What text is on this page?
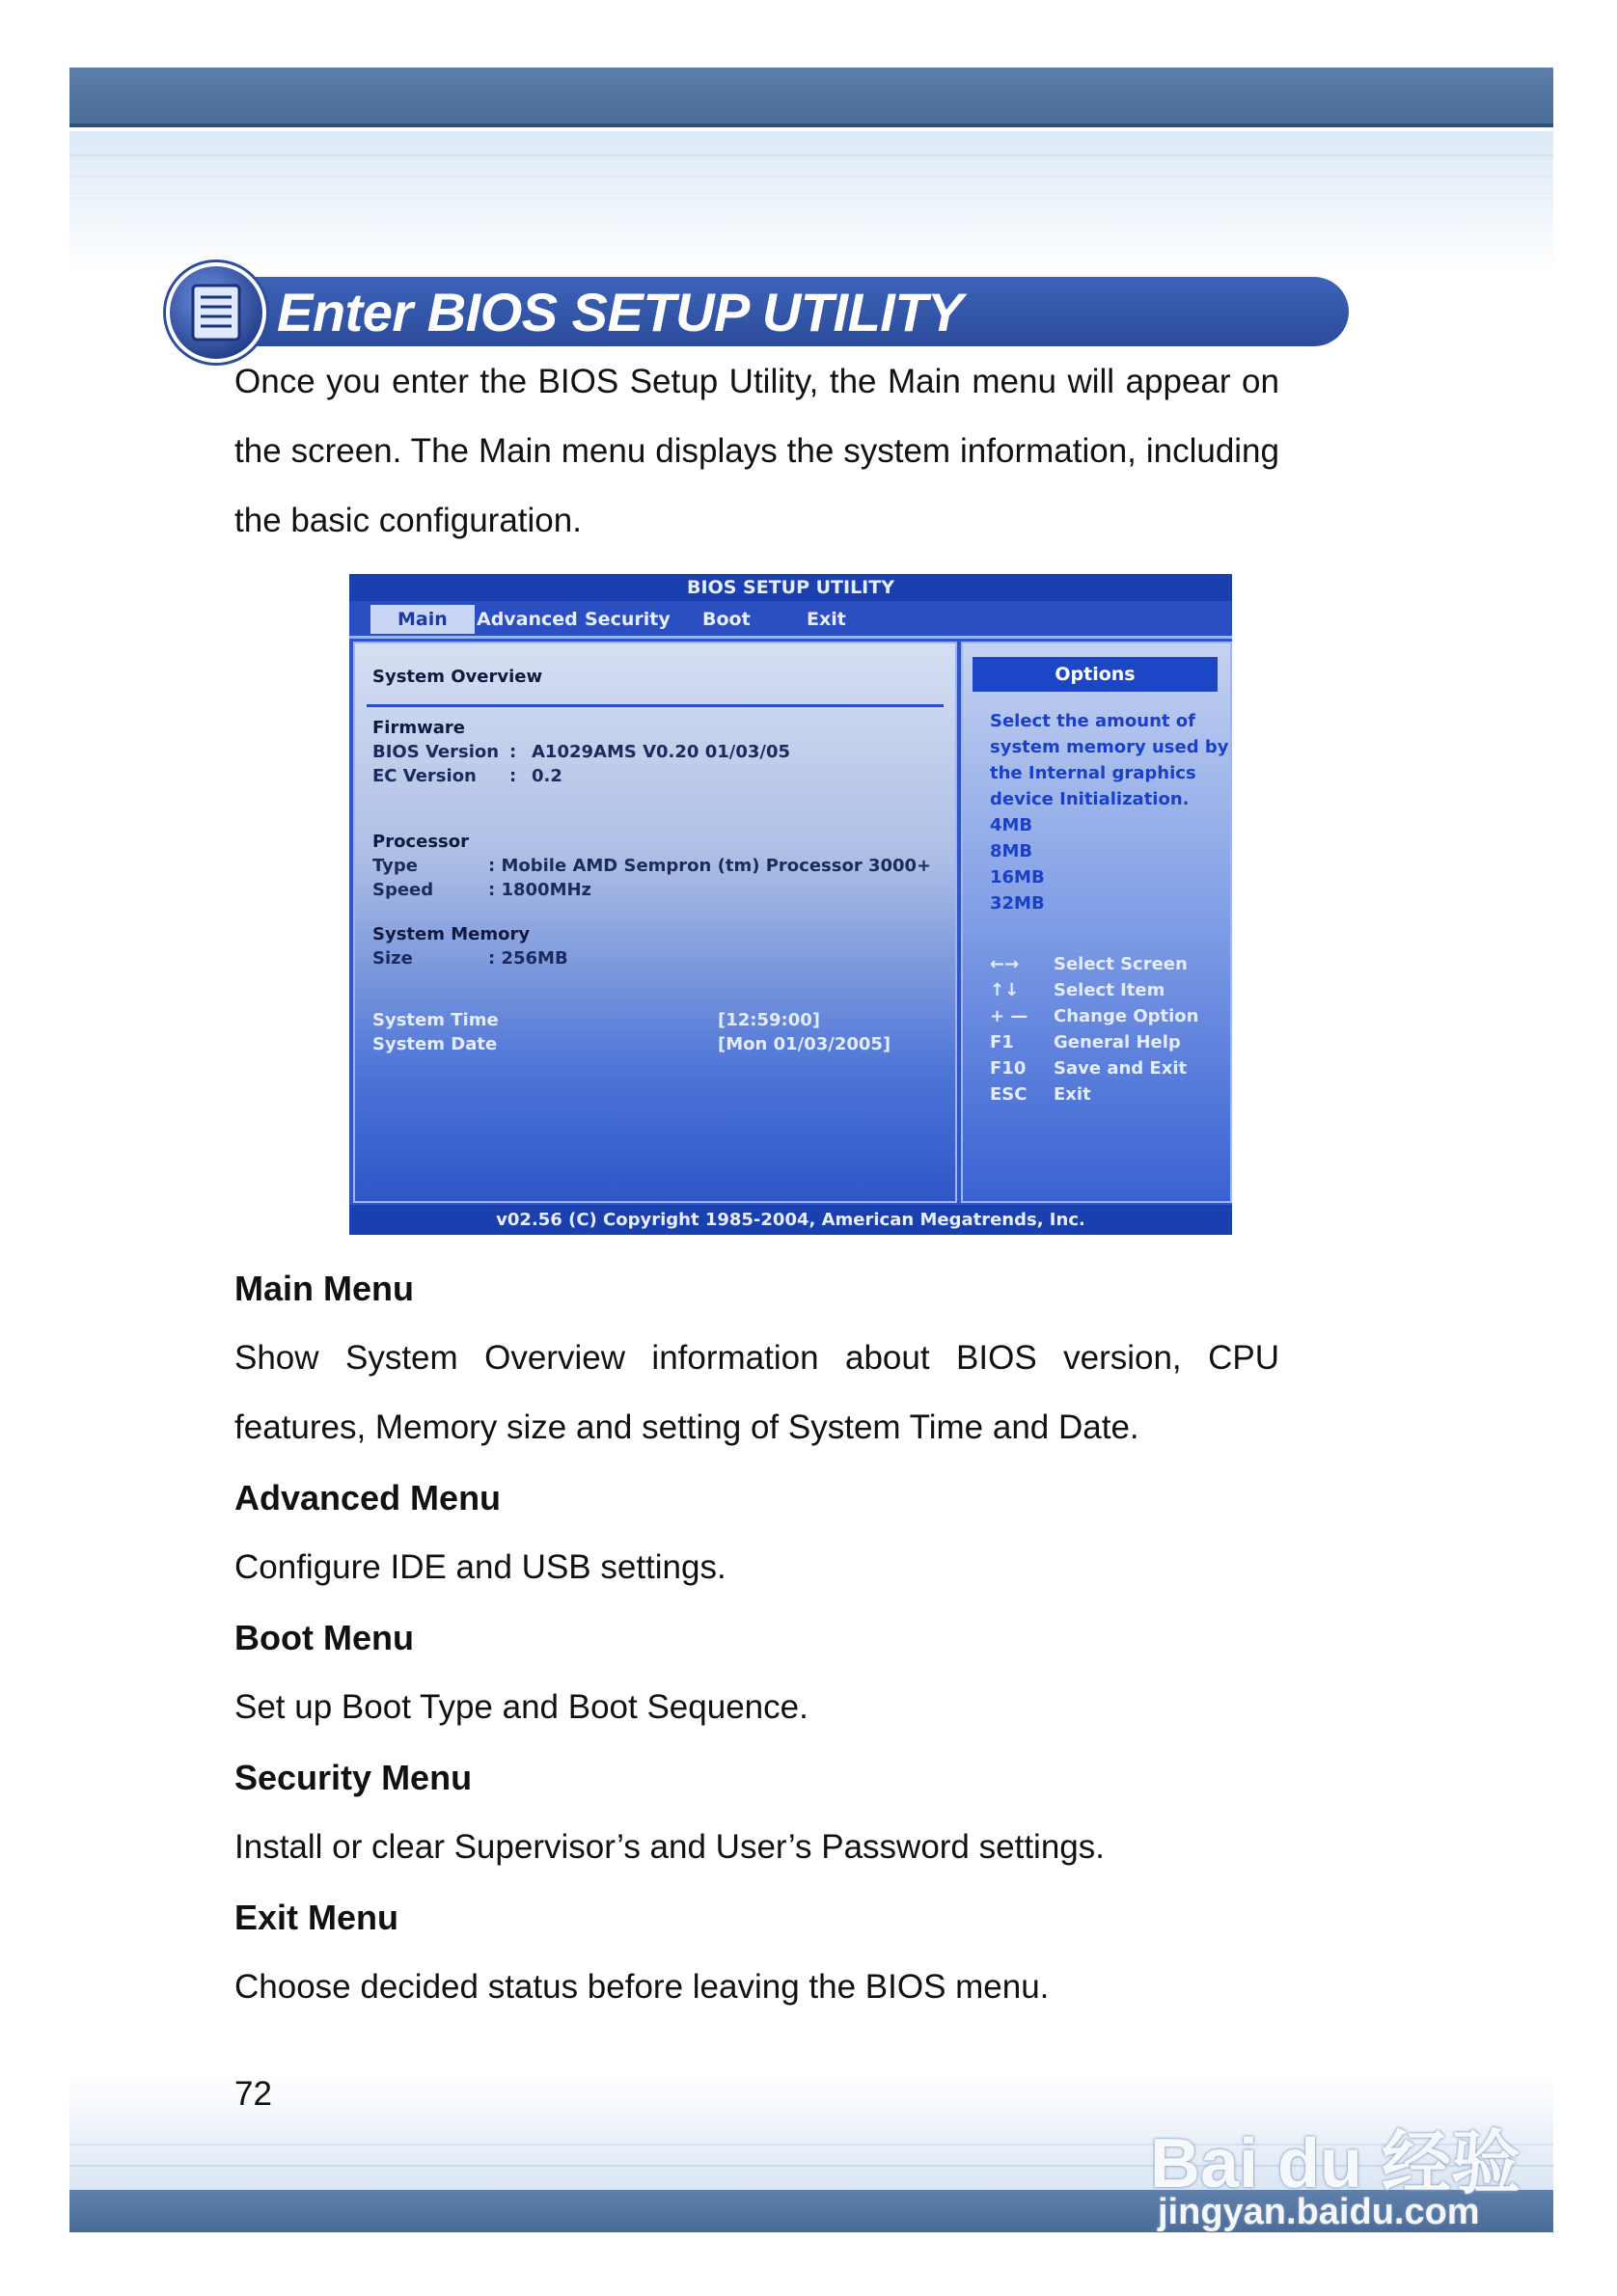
Enter BIOS SETUP UTILITY
Once you enter the BIOS Setup Utility, the Main menu will appear on the screen. The Main menu displays the system information, including the basic configuration.
BIOS SETUP UTILITY
Main	Advanced Security Boot	Exit
System Overview
Firmware
BIOS Version : A1029AMS V0.20 01/03/05
EC Version : 0.2
Processor
Type	: Mobile AMD Sempron (tm) Processor 3000+
Speed	: 1800MHz
System Memory
Size	: 256MB
System Time	[12:59:00]
System Date	[Mon 01/03/2005]
Options
Select the amount of
system memory used by
the Internal graphics
device Initialization.
4MB
8MB
16MB
32MB
←→ Select Screen
↑↓ Select Item
+ — Change Option
F1 General Help
F10 Save and Exit
ESC Exit
v02.56 (C) Copyright 1985-2004, American Megatrends, Inc.
Main Menu
Show System Overview information about BIOS version, CPU features, Memory size and setting of System Time and Date.
Advanced Menu
Configure IDE and USB settings.
Boot Menu
Set up Boot Type and Boot Sequence.
Security Menu
Install or clear Supervisor’s and User’s Password settings.
Exit Menu
Choose decided status before leaving the BIOS menu.
72
Bai du 经验
jingyan.baidu.com
